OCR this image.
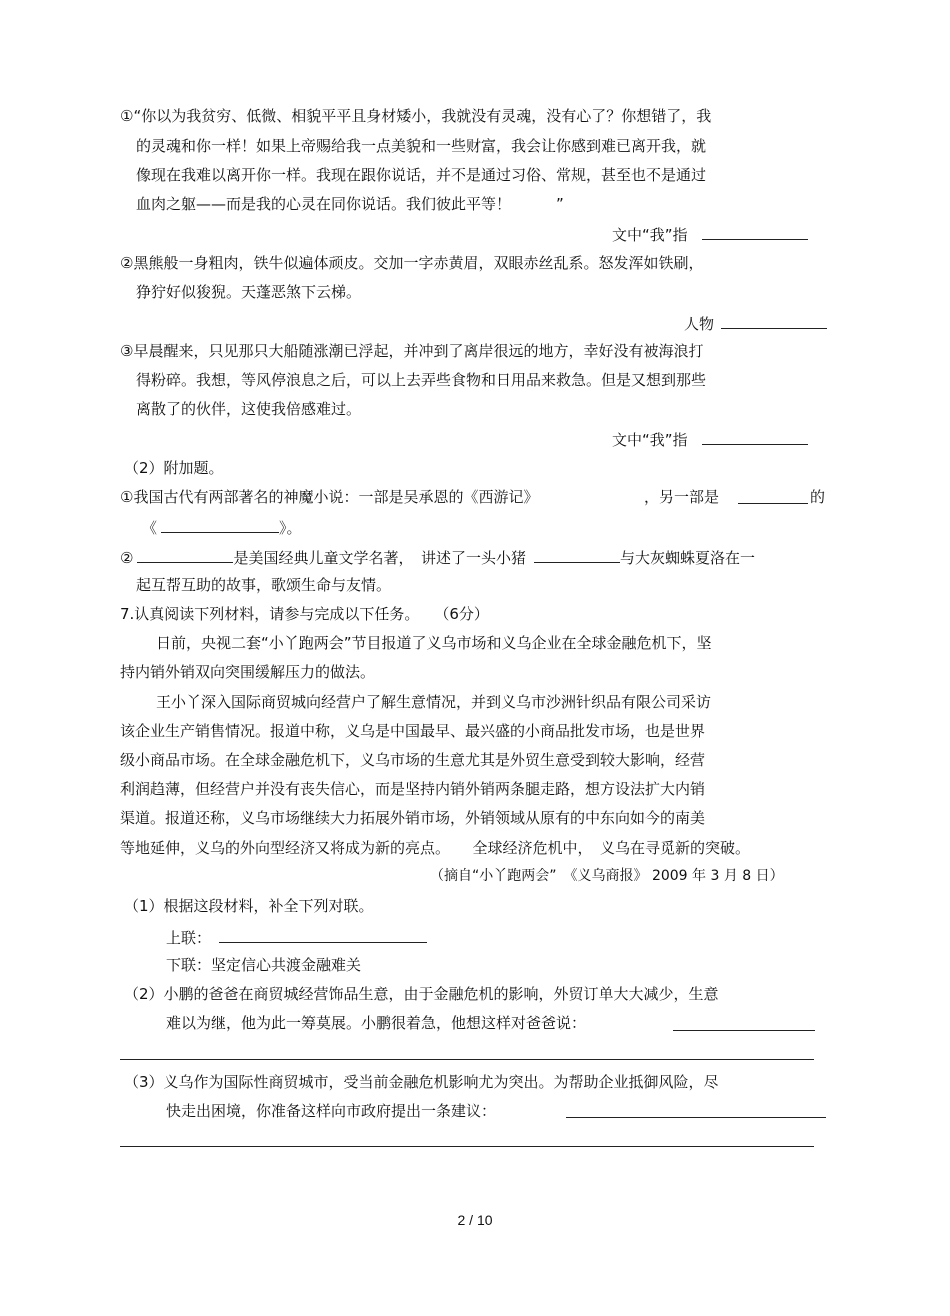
①“你以为我贫穷、低微、相貌平平且身材矮小，我就没有灵魂，没有心了？你想错了，我
的灵魂和你一样！如果上帝赐给我一点美貌和一些财富，我会让你感到难已离开我，就
像现在我难以离开你一样。我现在跟你说话，并不是通过习俗、常规，甚至也不是通过
血肉之躯——而是我的心灵在同你说话。我们彼此平等！　　　”
文中“我”指
②黑熊般一身粗肉，铁牛似遍体顽皮。交加一字赤黄眉，双眼赤丝乱系。怒发浑如铁刷，
狰狞好似狻猊。天蓬恶煞下云梯。
人物
③早晨醒来，只见那只大船随涨潮已浮起，并冲到了离岸很远的地方，幸好没有被海浪打
得粉碎。我想，等风停浪息之后，可以上去弄些食物和日用品来救急。但是又想到那些
离散了的伙伴，这使我倍感难过。
文中“我”指
（2）附加题。
①我国古代有两部著名的神魔小说：一部是吴承恩的《西游记》	，另一部是	的
《	》。
②	是美国经典儿童文学名著，　讲述了一头小猪	与大灰蜘蛛夏洛在一
起互帮互助的故事，歌颂生命与友情。
7.认真阅读下列材料，请参与完成以下任务。　　（6分）
日前，央视二套“小丫跑两会”节目报道了义乌市场和义乌企业在全球金融危机下，坚
持内销外销双向突围缓解压力的做法。
王小丫深入国际商贸城向经营户了解生意情况，并到义乌市沙洲针织品有限公司采访
该企业生产销售情况。报道中称，义乌是中国最早、最兴盛的小商品批发市场，也是世界
级小商品市场。在全球金融危机下，义乌市场的生意尤其是外贸生意受到较大影响，经营
利润趋薄，但经营户并没有丧失信心，而是坚持内销外销两条腿走路，想方设法扩大内销
渠道。报道还称，义乌市场继续大力拓展外销市场，外销领域从原有的中东向如今的南美
等地延伸，义乌的外向型经济又将成为新的亮点。　　全球经济危机中，　义乌在寻觅新的突破。
（摘自“小丫跑两会”　《义乌商报》 2009 年 3 月 8 日）
（1）根据这段材料，补全下列对联。
上联：
下联：坚定信心共渡金融难关
（2）小鹏的爸爸在商贸城经营饰品生意，由于金融危机的影响，外贸订单大大减少，生意
难以为继，他为此一筹莫展。小鹏很着急，他想这样对爸爸说：
（3）义乌作为国际性商贸城市，受当前金融危机影响尤为突出。为帮助企业抵御风险，尽
快走出困境，你准备这样向市政府提出一条建议：
2 / 10
